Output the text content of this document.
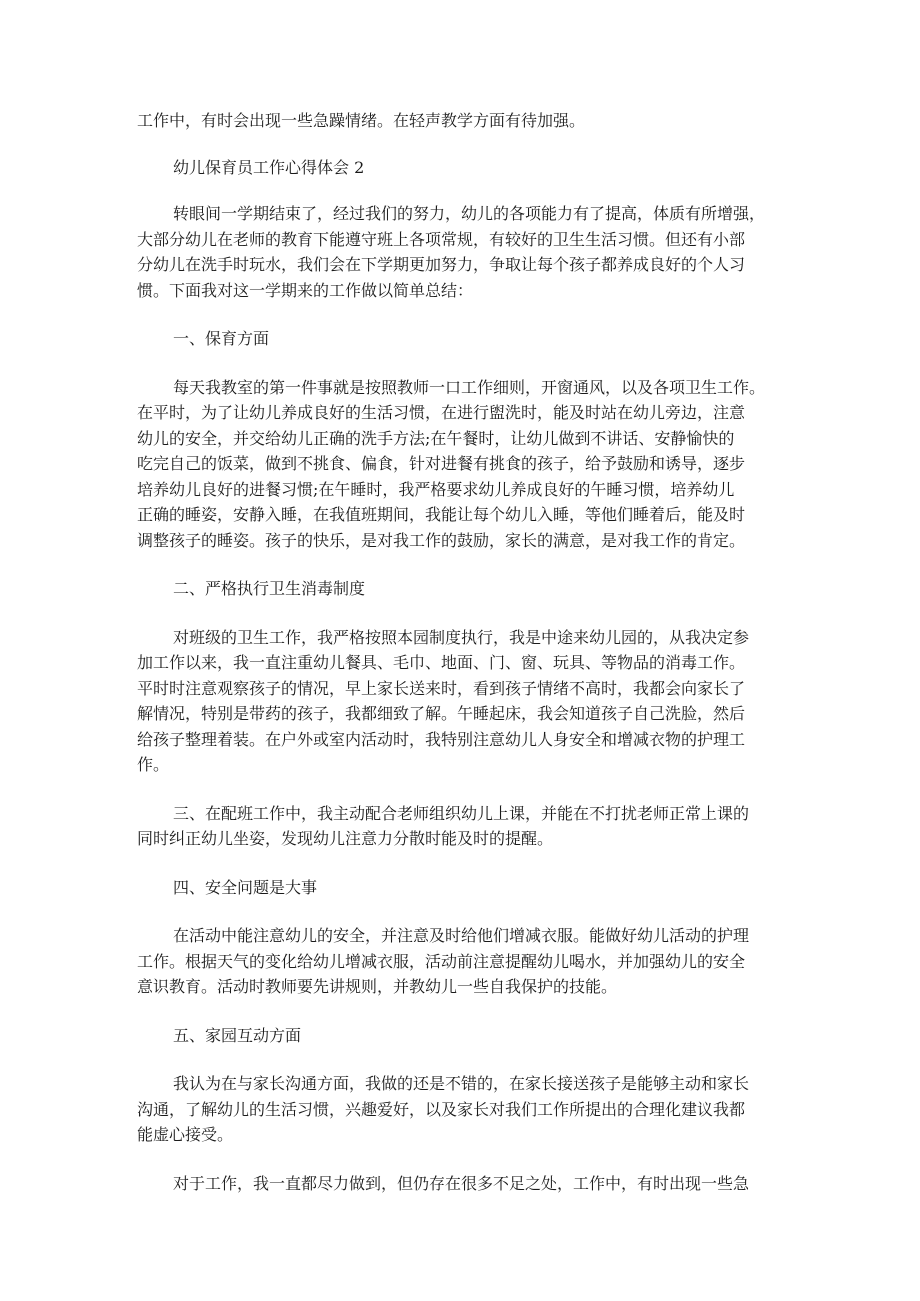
工作中，有时会出现一些急躁情绪。在轻声教学方面有待加强。
幼儿保育员工作心得体会 2
转眼间一学期结束了，经过我们的努力，幼儿的各项能力有了提高，体质有所增强，
大部分幼儿在老师的教育下能遵守班上各项常规，有较好的卫生生活习惯。但还有小部
分幼儿在洗手时玩水，我们会在下学期更加努力，争取让每个孩子都养成良好的个人习
惯。下面我对这一学期来的工作做以简单总结：
一、保育方面
每天我教室的第一件事就是按照教师一口工作细则，开窗通风，以及各项卫生工作。
在平时，为了让幼儿养成良好的生活习惯，在进行盥洗时，能及时站在幼儿旁边，注意
幼儿的安全，并交给幼儿正确的洗手方法;在午餐时，让幼儿做到不讲话、安静愉快的
吃完自己的饭菜，做到不挑食、偏食，针对进餐有挑食的孩子，给予鼓励和诱导，逐步
培养幼儿良好的进餐习惯;在午睡时，我严格要求幼儿养成良好的午睡习惯，培养幼儿
正确的睡姿，安静入睡，在我值班期间，我能让每个幼儿入睡，等他们睡着后，能及时
调整孩子的睡姿。孩子的快乐，是对我工作的鼓励，家长的满意，是对我工作的肯定。
二、严格执行卫生消毒制度
对班级的卫生工作，我严格按照本园制度执行，我是中途来幼儿园的，从我决定参
加工作以来，我一直注重幼儿餐具、毛巾、地面、门、窗、玩具、等物品的消毒工作。
平时时注意观察孩子的情况，早上家长送来时，看到孩子情绪不高时，我都会向家长了
解情况，特别是带药的孩子，我都细致了解。午睡起床，我会知道孩子自己洗脸，然后
给孩子整理着装。在户外或室内活动时，我特别注意幼儿人身安全和增减衣物的护理工
作。
三、在配班工作中，我主动配合老师组织幼儿上课，并能在不打扰老师正常上课的
同时纠正幼儿坐姿，发现幼儿注意力分散时能及时的提醒。
四、安全问题是大事
在活动中能注意幼儿的安全，并注意及时给他们增减衣服。能做好幼儿活动的护理
工作。根据天气的变化给幼儿增减衣服，活动前注意提醒幼儿喝水，并加强幼儿的安全
意识教育。活动时教师要先讲规则，并教幼儿一些自我保护的技能。
五、家园互动方面
我认为在与家长沟通方面，我做的还是不错的，在家长接送孩子是能够主动和家长
沟通，了解幼儿的生活习惯，兴趣爱好，以及家长对我们工作所提出的合理化建议我都
能虚心接受。
对于工作，我一直都尽力做到，但仍存在很多不足之处，工作中，有时出现一些急
